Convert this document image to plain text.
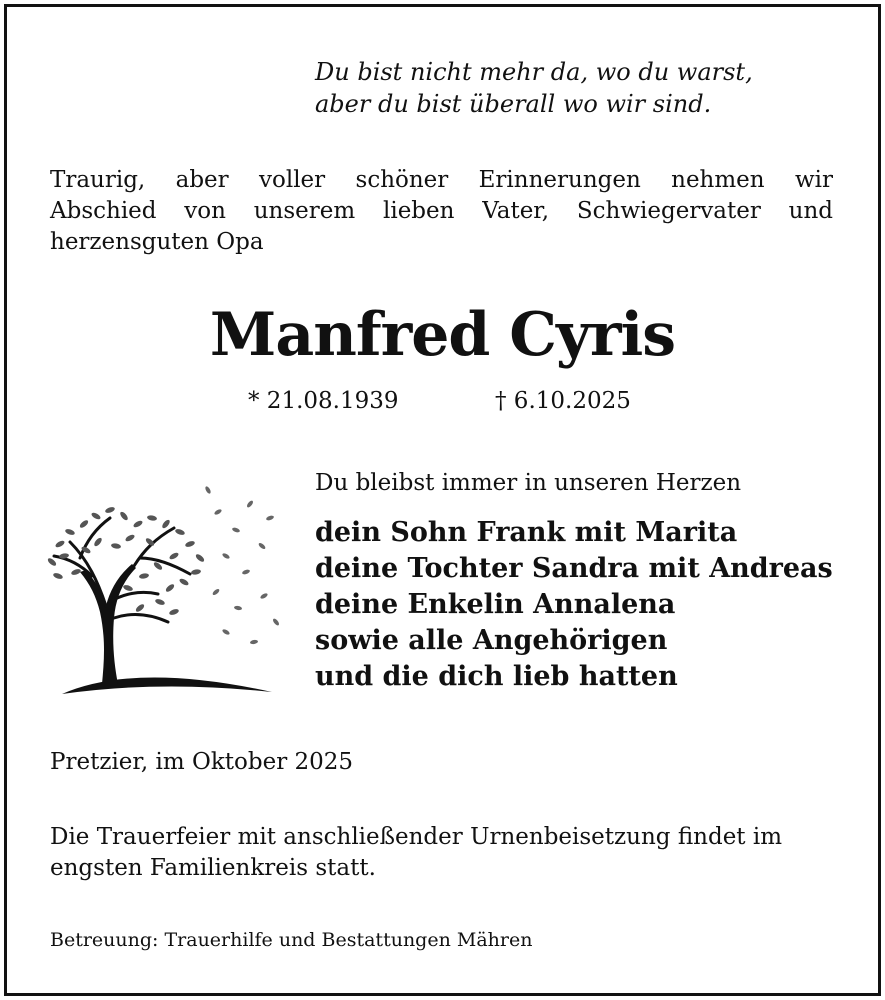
Du bist nicht mehr da, wo du warst,
aber du bist überall wo wir sind.
Traurig, aber voller schöner Erinnerungen nehmen wir
Abschied von unserem lieben Vater, Schwiegervater und
herzensguten Opa
Manfred Cyris
* 21.08.1939	† 6.10.2025
Du bleibst immer in unseren Herzen
dein Sohn Frank mit Marita
deine Tochter Sandra mit Andreas
deine Enkelin Annalena
sowie alle Angehörigen
und die dich lieb hatten
Pretzier, im Oktober 2025
Die Trauerfeier mit anschließender Urnenbeisetzung findet im
engsten Familienkreis statt.
Betreuung: Trauerhilfe und Bestattungen Mähren
